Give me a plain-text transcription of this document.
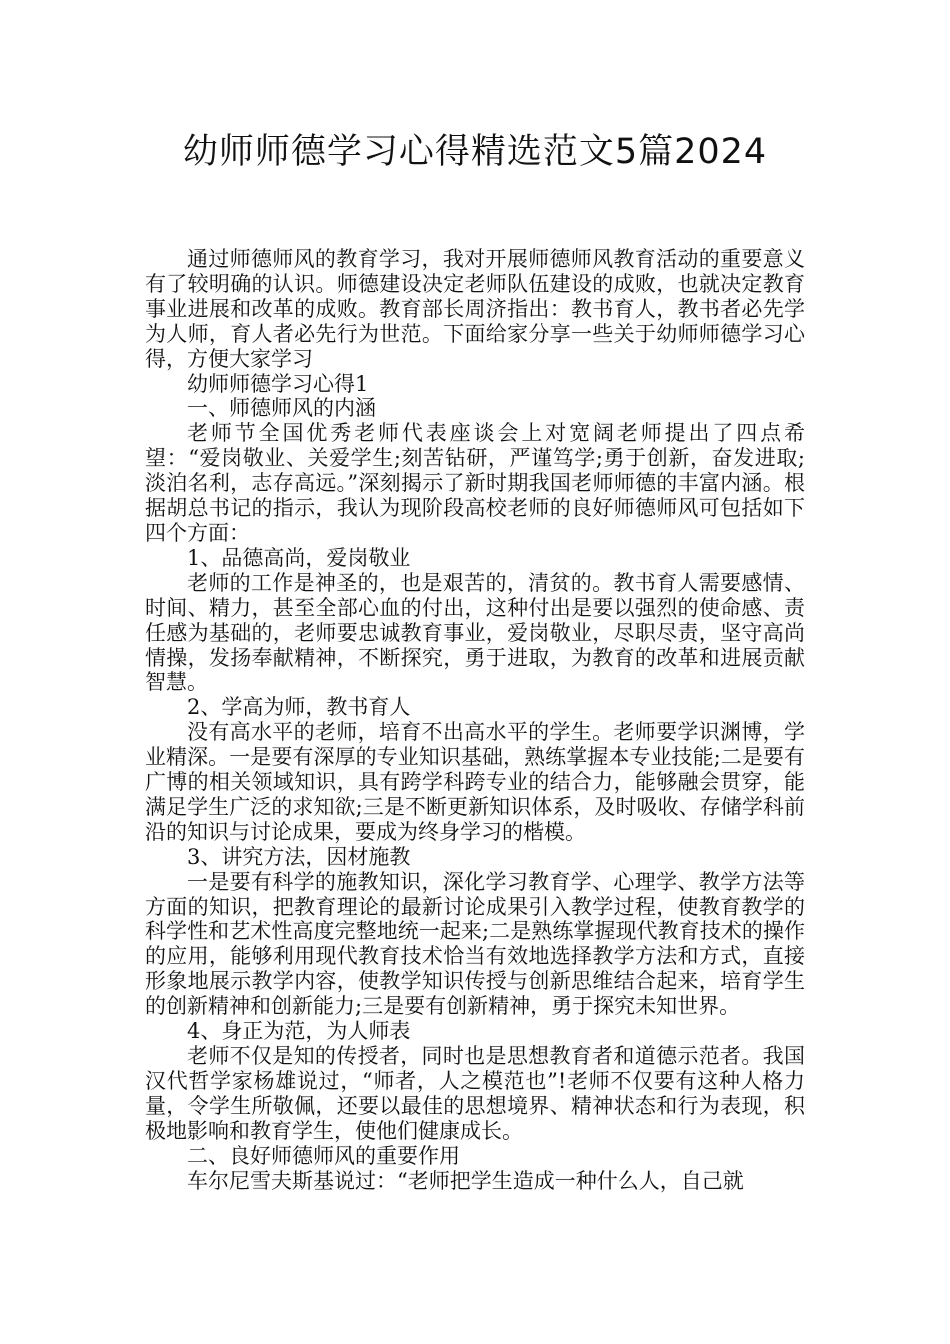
幼师师德学习心得精选范文5篇2024

通过师德师风的教育学习，我对开展师德师风教育活动的重要意义有了较明确的认识。师德建设决定老师队伍建设的成败，也就决定教育事业进展和改革的成败。教育部长周济指出：教书育人，教书者必先学为人师，育人者必先行为世范。下面给家分享一些关于幼师师德学习心得，方便大家学习

幼师师德学习心得1

一、师德师风的内涵

老师节全国优秀老师代表座谈会上对宽阔老师提出了四点希望：“爱岗敬业、关爱学生;刻苦钻研，严谨笃学;勇于创新，奋发进取;淡泊名利，志存高远。”深刻揭示了新时期我国老师师德的丰富内涵。根据胡总书记的指示，我认为现阶段高校老师的良好师德师风可包括如下四个方面：

1、品德高尚，爱岗敬业

老师的工作是神圣的，也是艰苦的，清贫的。教书育人需要感情、时间、精力，甚至全部心血的付出，这种付出是要以强烈的使命感、责任感为基础的，老师要忠诚教育事业，爱岗敬业，尽职尽责，坚守高尚情操，发扬奉献精神，不断探究，勇于进取，为教育的改革和进展贡献智慧。

2、学高为师，教书育人

没有高水平的老师，培育不出高水平的学生。老师要学识渊博，学业精深。一是要有深厚的专业知识基础，熟练掌握本专业技能;二是要有广博的相关领域知识，具有跨学科跨专业的结合力，能够融会贯穿，能满足学生广泛的求知欲;三是不断更新知识体系，及时吸收、存储学科前沿的知识与讨论成果，要成为终身学习的楷模。

3、讲究方法，因材施教

一是要有科学的施教知识，深化学习教育学、心理学、教学方法等方面的知识，把教育理论的最新讨论成果引入教学过程，使教育教学的科学性和艺术性高度完整地统一起来;二是熟练掌握现代教育技术的操作的应用，能够利用现代教育技术恰当有效地选择教学方法和方式，直接形象地展示教学内容，使教学知识传授与创新思维结合起来，培育学生的创新精神和创新能力;三是要有创新精神，勇于探究未知世界。

4、身正为范，为人师表

老师不仅是知的传授者，同时也是思想教育者和道德示范者。我国汉代哲学家杨雄说过，“师者，人之模范也”!老师不仅要有这种人格力量，令学生所敬佩，还要以最佳的思想境界、精神状态和行为表现，积极地影响和教育学生，使他们健康成长。

二、良好师德师风的重要作用

车尔尼雪夫斯基说过：“老师把学生造成一种什么人，自己就
